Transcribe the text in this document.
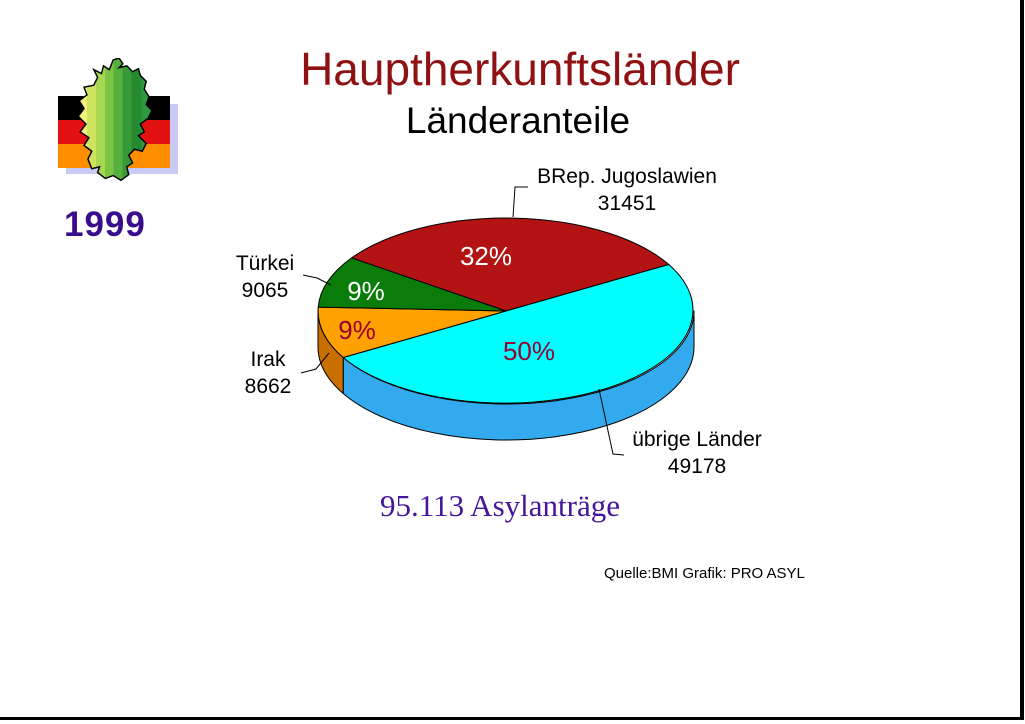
Hauptherkunftsländer
Länderanteile
1999
BRep. Jugoslawien
31451
Türkei
9065
Irak
8662
übrige Länder
49178
32%
9%
9%
50%
95.113 Asylanträge
Quelle:BMI Grafik: PRO ASYL
